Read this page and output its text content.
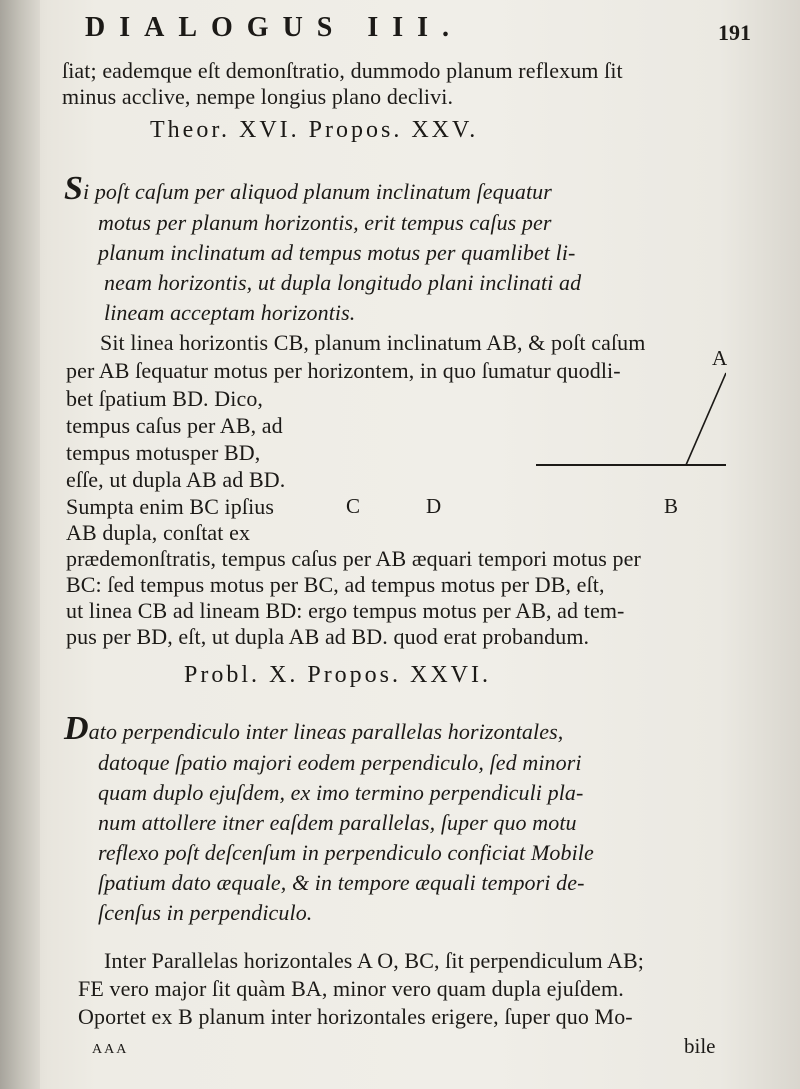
DIALOGUS III.	191
ſiat; eademque eſt demonſtratio, dummodo planum reflexum ſit
minus acclive, nempe longius plano declivi.
Theor. XVI. Propos. XXV.
Si poſt caſum per aliquod planum inclinatum ſequatur
motus per planum horizontis, erit tempus caſus per
planum inclinatum ad tempus motus per quamlibet li-
neam horizontis, ut dupla longitudo plani inclinati ad
lineam acceptam horizontis.
Sit linea horizontis CB, planum inclinatum AB, & poſt caſum
per AB ſequatur motus per horizontem, in quo ſumatur quodli-
bet ſpatium BD. Dico,
tempus caſus per AB, ad
tempus motusper BD,
eſſe, ut dupla AB ad BD.
Sumpta enim BC ipſius
AB dupla, conſtat ex
prædemonſtratis, tempus caſus per AB æquari tempori motus per
BC: ſed tempus motus per BC, ad tempus motus per DB, eſt,
ut linea CB ad lineam BD: ergo tempus motus per AB, ad tem-
pus per BD, eſt, ut dupla AB ad BD. quod erat probandum.
A
C	D	B
Probl. X. Propos. XXVI.
Dato perpendiculo inter lineas parallelas horizontales,
datoque ſpatio majori eodem perpendiculo, ſed minori
quam duplo ejuſdem, ex imo termino perpendiculi pla-
num attollere itner eaſdem parallelas, ſuper quo motu
reflexo poſt deſcenſum in perpendiculo conficiat Mobile
ſpatium dato æquale, & in tempore æquali tempori de-
ſcenſus in perpendiculo.
Inter Parallelas horizontales A O, BC, ſit perpendiculum AB;
FE vero major ſit quàm BA, minor vero quam dupla ejuſdem.
Oportet ex B planum inter horizontales erigere, ſuper quo Mo-
bile
AAA
